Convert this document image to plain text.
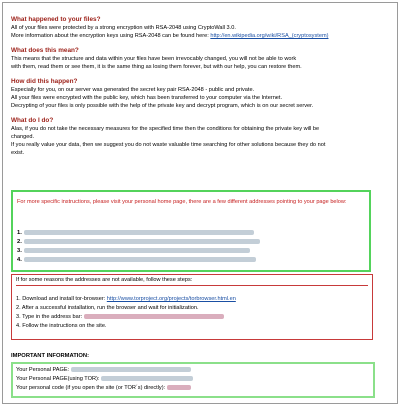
What happened to your files?
All of your files were protected by a strong encryption with RSA-2048 using CryptoWall 3.0.
More information about the encryption keys using RSA-2048 can be found here: http://en.wikipedia.org/wiki/RSA_(cryptosystem)
What does this mean?
This means that the structure and data within your files have been irrevocably changed, you will not be able to work
with them, read them or see them, it is the same thing as losing them forever, but with our help, you can restore them.
How did this happen?
Especially for you, on our server was generated the secret key pair RSA-2048 - public and private.
All your files were encrypted with the public key, which has been transferred to your computer via the Internet.
Decrypting of your files is only possible with the help of the private key and decrypt program, which is on our secret server.
What do I do?
Alas, if you do not take the necessary measures for the specified time then the conditions for obtaining the private key will be
changed.
If you really value your data, then we suggest you do not waste valuable time searching for other solutions because they do not
exist.
For more specific instructions, please visit your personal home page, there are a few different addresses pointing to your page below:
1.
2.
3.
4.
If for some reasons the addresses are not available, follow these steps:
1. Download and install tor-browser: http://www.torproject.org/projects/torbrowser.html.en
2. After a successful installation, run the browser and wait for initialization.
3. Type in the address bar:
4. Follow the instructions on the site.
IMPORTANT INFORMATION:
Your Personal PAGE:
Your Personal PAGE(using TOR):
Your personal code (if you open the site (or TOR´s) directly):
